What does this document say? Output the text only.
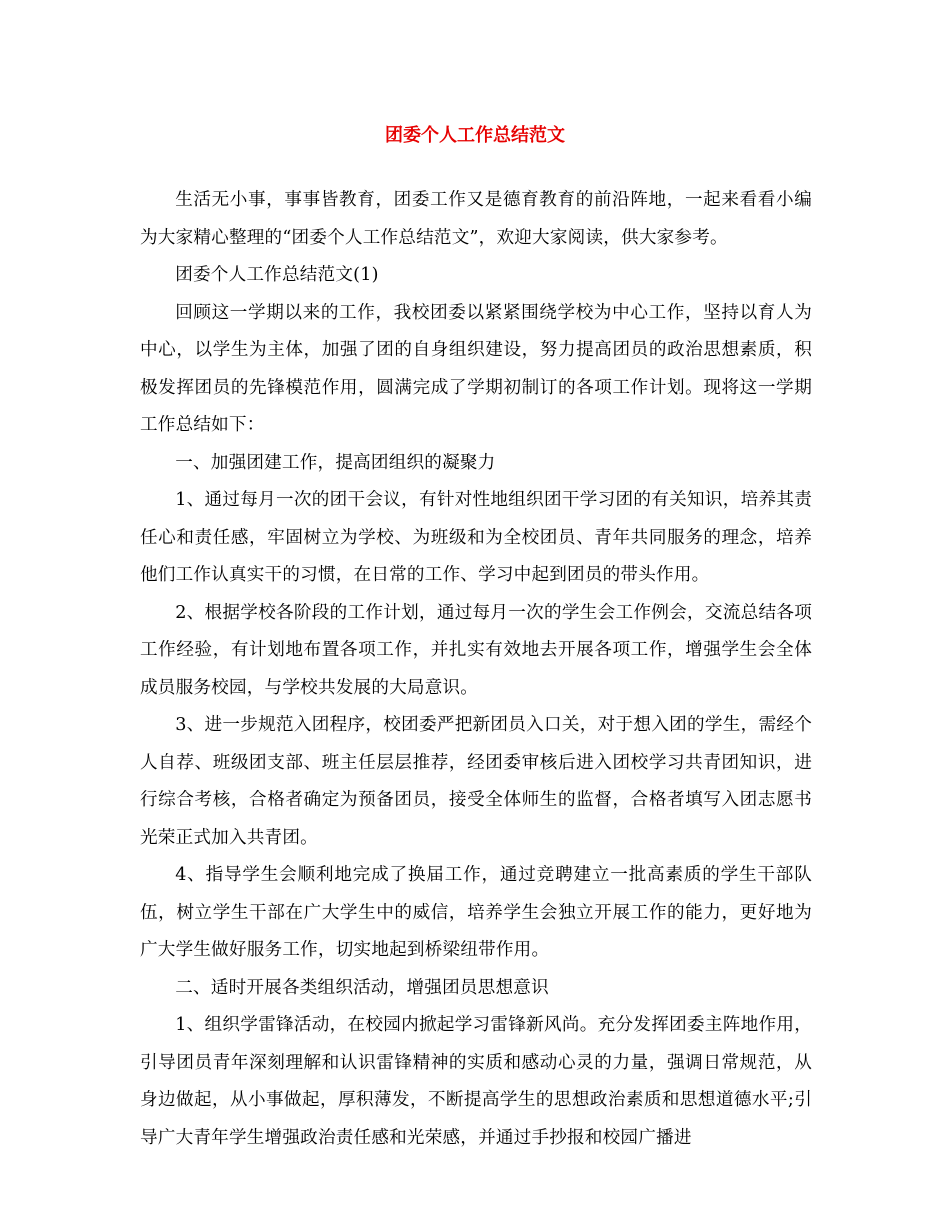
团委个人工作总结范文

生活无小事，事事皆教育，团委工作又是德育教育的前沿阵地，一起来看看小编为大家精心整理的“团委个人工作总结范文”，欢迎大家阅读，供大家参考。

团委个人工作总结范文(1)

回顾这一学期以来的工作，我校团委以紧紧围绕学校为中心工作，坚持以育人为中心，以学生为主体，加强了团的自身组织建设，努力提高团员的政治思想素质，积极发挥团员的先锋模范作用，圆满完成了学期初制订的各项工作计划。现将这一学期工作总结如下：

一、加强团建工作，提高团组织的凝聚力

1、通过每月一次的团干会议，有针对性地组织团干学习团的有关知识，培养其责任心和责任感，牢固树立为学校、为班级和为全校团员、青年共同服务的理念，培养他们工作认真实干的习惯，在日常的工作、学习中起到团员的带头作用。

2、根据学校各阶段的工作计划，通过每月一次的学生会工作例会，交流总结各项工作经验，有计划地布置各项工作，并扎实有效地去开展各项工作，增强学生会全体成员服务校园，与学校共发展的大局意识。

3、进一步规范入团程序，校团委严把新团员入口关，对于想入团的学生，需经个人自荐、班级团支部、班主任层层推荐，经团委审核后进入团校学习共青团知识，进行综合考核，合格者确定为预备团员，接受全体师生的监督，合格者填写入团志愿书光荣正式加入共青团。

4、指导学生会顺利地完成了换届工作，通过竞聘建立一批高素质的学生干部队伍，树立学生干部在广大学生中的威信，培养学生会独立开展工作的能力，更好地为广大学生做好服务工作，切实地起到桥梁纽带作用。

二、适时开展各类组织活动，增强团员思想意识

1、组织学雷锋活动，在校园内掀起学习雷锋新风尚。充分发挥团委主阵地作用，引导团员青年深刻理解和认识雷锋精神的实质和感动心灵的力量，强调日常规范，从身边做起，从小事做起，厚积薄发，不断提高学生的思想政治素质和思想道德水平;引导广大青年学生增强政治责任感和光荣感，并通过手抄报和校园广播进
